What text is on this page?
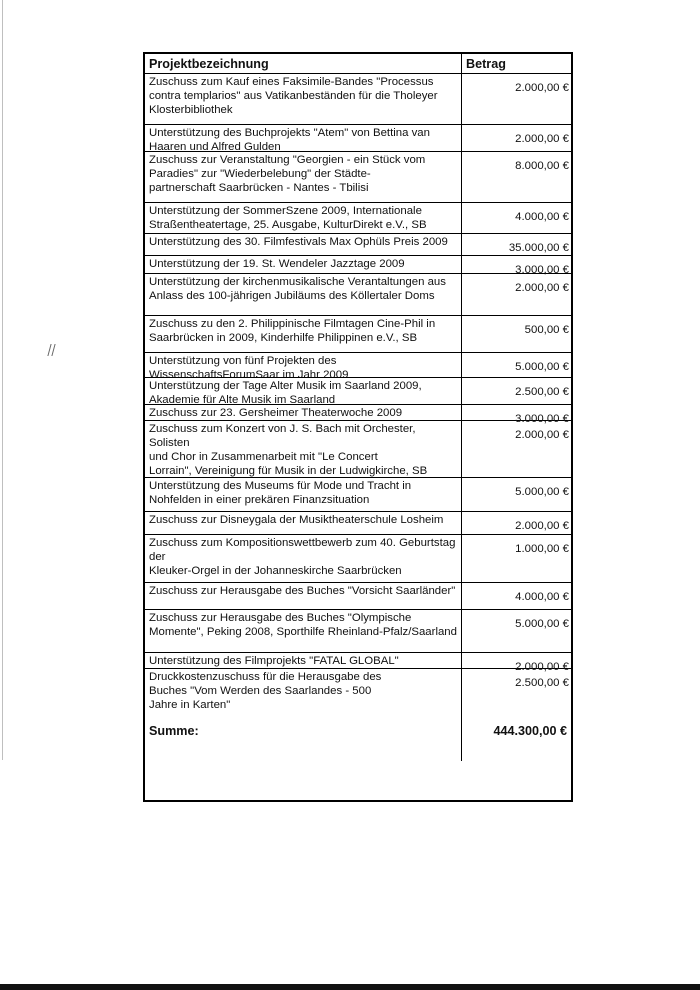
Projektbezeichnung	Betrag
Zuschuss zum Kauf eines Faksimile-Bandes "Processus
contra templarios" aus Vatikanbeständen für die Tholeyer
Klosterbibliothek
2.000,00 €
Unterstützung des Buchprojekts "Atem" von Bettina van
Haaren und Alfred Gulden
2.000,00 €
Zuschuss zur Veranstaltung "Georgien - ein Stück vom
Paradies" zur "Wiederbelebung" der Städte-
partnerschaft Saarbrücken - Nantes - Tbilisi
8.000,00 €
Unterstützung der SommerSzene 2009, Internationale
Straßentheatertage, 25. Ausgabe, KulturDirekt e.V., SB
4.000,00 €
Unterstützung des 30. Filmfestivals Max Ophüls Preis 2009	35.000,00 €
Unterstützung der 19. St. Wendeler Jazztage 2009	3.000,00 €
Unterstützung der kirchenmusikalische Verantaltungen aus
Anlass des 100-jährigen Jubiläums des Köllertaler Doms
2.000,00 €
Zuschuss zu den 2. Philippinische Filmtagen Cine-Phil in
Saarbrücken in 2009, Kinderhilfe Philippinen e.V., SB
500,00 €
Unterstützung von fünf Projekten des
WissenschaftsForumSaar im Jahr 2009
5.000,00 €
Unterstützung der Tage Alter Musik im Saarland 2009,
Akademie für Alte Musik im Saarland
2.500,00 €
Zuschuss zur 23. Gersheimer Theaterwoche 2009	3.000,00 €
Zuschuss zum Konzert von J. S. Bach mit Orchester,
Solisten
und Chor in Zusammenarbeit mit "Le Concert
Lorrain", Vereinigung für Musik in der Ludwigkirche, SB
2.000,00 €
Unterstützung des Museums für Mode und Tracht in
Nohfelden in einer prekären Finanzsituation
5.000,00 €
Zuschuss zur Disneygala der Musiktheaterschule Losheim	2.000,00 €
Zuschuss zum Kompositionswettbewerb zum 40. Geburtstag
der
Kleuker-Orgel in der Johanneskirche Saarbrücken
1.000,00 €
Zuschuss zur Herausgabe des Buches "Vorsicht Saarländer"	4.000,00 €
Zuschuss zur Herausgabe des Buches "Olympische
Momente", Peking 2008, Sporthilfe Rheinland-Pfalz/Saarland
5.000,00 €
Unterstützung des Filmprojekts "FATAL GLOBAL"	2.000,00 €
Druckkostenzuschuss für die Herausgabe des
Buches "Vom Werden des Saarlandes - 500
Jahre in Karten"
2.500,00 €
Summe:	444.300,00 €
